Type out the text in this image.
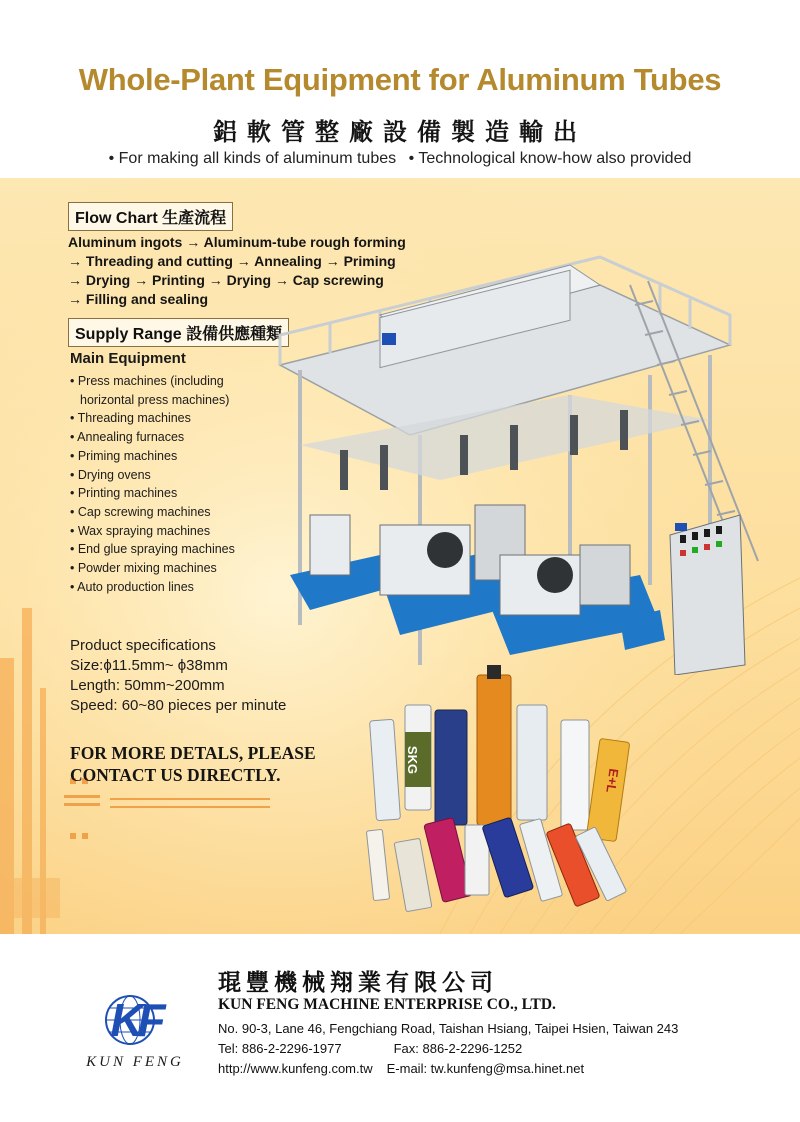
Whole-Plant Equipment for Aluminum Tubes
鋁軟管整廠設備製造輸出
• For making all kinds of aluminum tubes • Technological know-how also provided
Flow Chart 生產流程
Aluminum ingots → Aluminum-tube rough forming
→ Threading and cutting → Annealing → Priming
→ Drying → Printing → Drying → Cap screwing
→ Filling and sealing
Supply Range 設備供應種類
Main Equipment
• Press machines (including
horizontal press machines)
• Threading machines
• Annealing furnaces
• Priming machines
• Drying ovens
• Printing machines
• Cap screwing machines
• Wax spraying machines
• End glue spraying machines
• Powder mixing machines
• Auto production lines
Product specifications
Size:ϕ11.5mm~ ϕ38mm
Length: 50mm~200mm
Speed: 60~80 pieces per minute
FOR MORE DETALS, PLEASE
CONTACT US DIRECTLY.
SKG
E+L
KF
KUN FENG
琨豐機械翔業有限公司
KUN FENG MACHINE ENTERPRISE CO., LTD.
No. 90-3, Lane 46, Fengchiang Road, Taishan Hsiang, Taipei Hsien, Taiwan 243
Tel: 886-2-2296-1977	Fax: 886-2-2296-1252
http://www.kunfeng.com.tw E-mail: tw.kunfeng@msa.hinet.net
